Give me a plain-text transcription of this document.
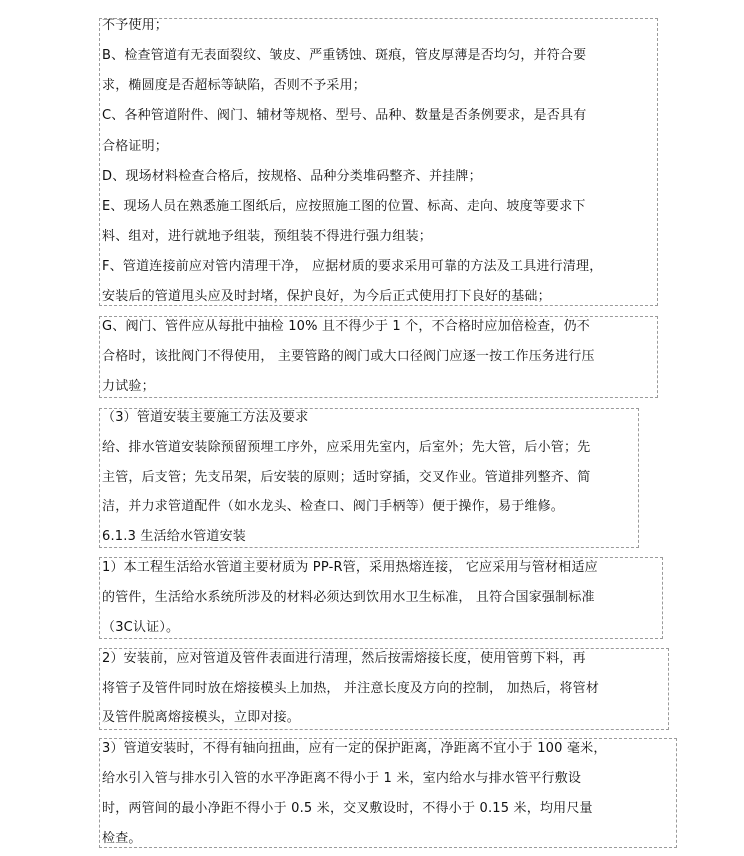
不予使用；
B、检查管道有无表面裂纹、皱皮、严重锈蚀、斑痕，管皮厚薄是否均匀，并符合要
求，椭圆度是否超标等缺陷，否则不予采用；
C、各种管道附件、阀门、辅材等规格、型号、品种、数量是否条例要求，是否具有
合格证明；
D、现场材料检查合格后，按规格、品种分类堆码整齐、并挂牌；
E、现场人员在熟悉施工图纸后，应按照施工图的位置、标高、走向、坡度等要求下
料、组对，进行就地予组装，预组装不得进行强力组装；
F、管道连接前应对管内清理干净， 应据材质的要求采用可靠的方法及工具进行清理，
安装后的管道甩头应及时封堵，保护良好，为今后正式使用打下良好的基础；
G、阀门、管件应从每批中抽检 10% 且不得少于 1 个，不合格时应加倍检查，仍不
合格时，该批阀门不得使用， 主要管路的阀门或大口径阀门应逐一按工作压务进行压
力试验；
（3）管道安装主要施工方法及要求
给、排水管道安装除预留预埋工序外，应采用先室内，后室外；先大管，后小管；先
主管，后支管；先支吊架，后安装的原则；适时穿插，交叉作业。管道排列整齐、简
洁，并力求管道配件（如水龙头、检查口、阀门手柄等）便于操作，易于维修。
6.1.3 生活给水管道安装
1）本工程生活给水管道主要材质为 PP-R管，采用热熔连接， 它应采用与管材相适应
的管件，生活给水系统所涉及的材料必须达到饮用水卫生标准， 且符合国家强制标准
（3C认证）。
2）安装前，应对管道及管件表面进行清理，然后按需熔接长度，使用管剪下料，再
将管子及管件同时放在熔接模头上加热， 并注意长度及方向的控制， 加热后，将管材
及管件脱离熔接模头，立即对接。
3）管道安装时，不得有轴向扭曲，应有一定的保护距离，净距离不宜小于 100 毫米，
给水引入管与排水引入管的水平净距离不得小于 1 米，室内给水与排水管平行敷设
时，两管间的最小净距不得小于 0.5 米，交叉敷设时，不得小于 0.15 米，均用尺量
检查。
